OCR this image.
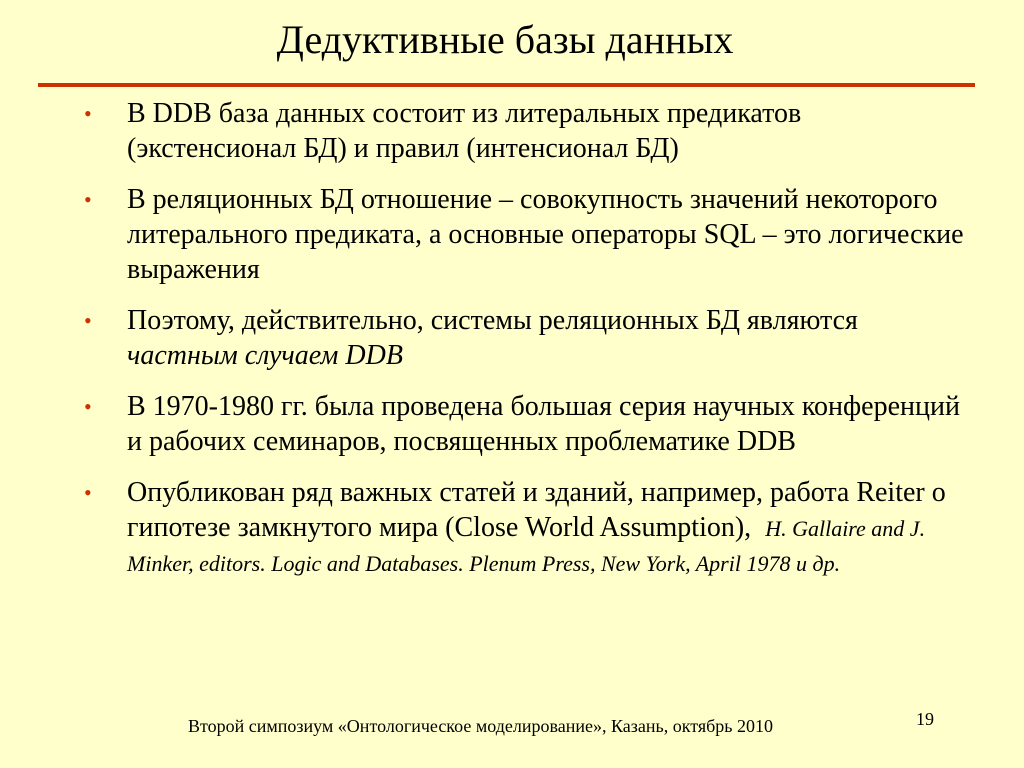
Дедуктивные базы данных
• В DDB база данных состоит из литеральных предикатов (экстенсионал БД) и правил (интенсионал БД)
• В реляционных БД отношение – совокупность значений некоторого литерального предиката, а основные операторы SQL – это логические выражения
• Поэтому, действительно, системы реляционных БД являются частным случаем DDB
• В 1970-1980 гг. была проведена большая серия научных конференций и рабочих семинаров, посвященных проблематике DDB
• Опубликован ряд важных статей и зданий, например, работа Reiter о гипотезе замкнутого мира (Close World Assumption), H. Gallaire and J. Minker, editors. Logic and Databases. Plenum Press, New York, April 1978 и др.
Второй симпозиум «Онтологическое моделирование», Казань, октябрь 2010	19
